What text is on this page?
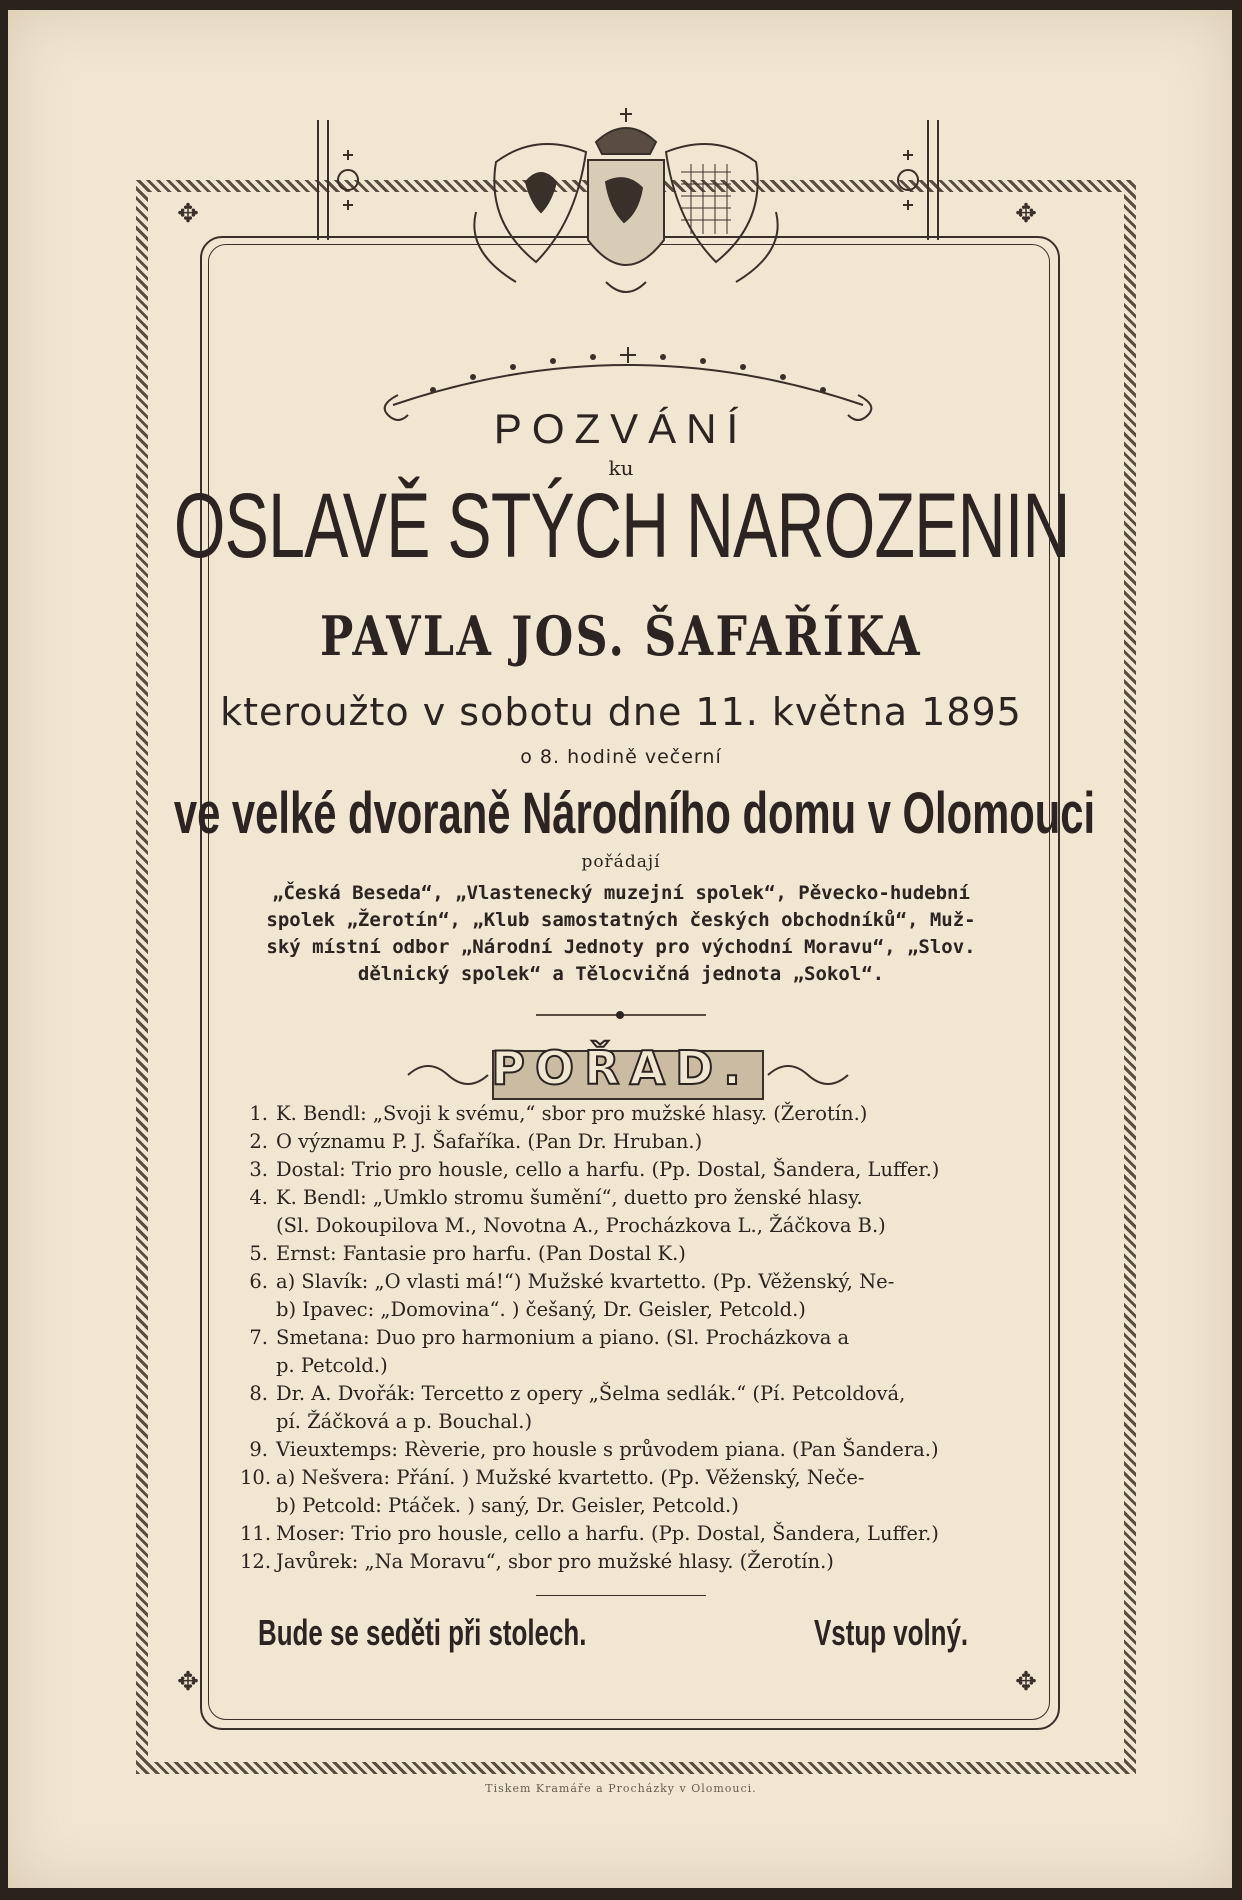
✥	✥
✥	✥
POZVÁNÍ
ku
OSLAVĚ STÝCH NAROZENIN
PAVLA JOS. ŠAFAŘÍKA
kteroužto v sobotu dne 11. května 1895
o 8. hodině večerní
ve velké dvoraně Národního domu v Olomouci
pořádají
„Česká Beseda“, „Vlastenecký muzejní spolek“, Pěvecko-hudební
spolek „Žerotín“, „Klub samostatných českých obchodníků“, Muž-
ský místní odbor „Národní Jednoty pro východní Moravu“, „Slov.
dělnický spolek“ a Tělocvičná jednota „Sokol“.
POŘAD.
1. K. Bendl: „Svoji k svému,“ sbor pro mužské hlasy. (Žerotín.)
2. O významu P. J. Šafaříka. (Pan Dr. Hruban.)
3. Dostal: Trio pro housle, cello a harfu. (Pp. Dostal, Šandera, Luffer.)
4. K. Bendl: „Umklo stromu šumění“, duetto pro ženské hlasy.
(Sl. Dokoupilova M., Novotna A., Procházkova L., Žáčkova B.)
5. Ernst: Fantasie pro harfu. (Pan Dostal K.)
6. a) Slavík: „O vlasti má!“) Mužské kvartetto. (Pp. Věženský, Ne-
b) Ipavec: „Domovina“. ) češaný, Dr. Geisler, Petcold.)
7. Smetana: Duo pro harmonium a piano. (Sl. Procházkova a
p. Petcold.)
8. Dr. A. Dvořák: Tercetto z opery „Šelma sedlák.“ (Pí. Petcoldová,
pí. Žáčková a p. Bouchal.)
9. Vieuxtemps: Rèverie, pro housle s průvodem piana. (Pan Šandera.)
10. a) Nešvera: Přání. ) Mužské kvartetto. (Pp. Věženský, Neče-
b) Petcold: Ptáček. ) saný, Dr. Geisler, Petcold.)
11. Moser: Trio pro housle, cello a harfu. (Pp. Dostal, Šandera, Luffer.)
12. Javůrek: „Na Moravu“, sbor pro mužské hlasy. (Žerotín.)
Bude se seděti při stolech.	Vstup volný.
Tiskem Kramáře a Procházky v Olomouci.
